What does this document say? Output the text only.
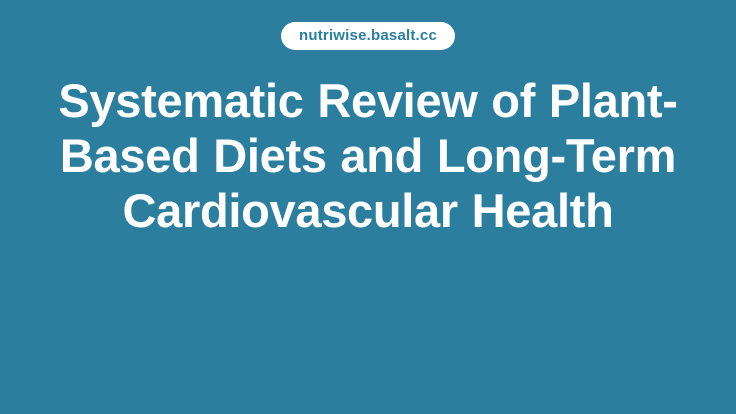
nutriwise.basalt.cc
Systematic Review of Plant-Based Diets and Long-Term Cardiovascular Health
